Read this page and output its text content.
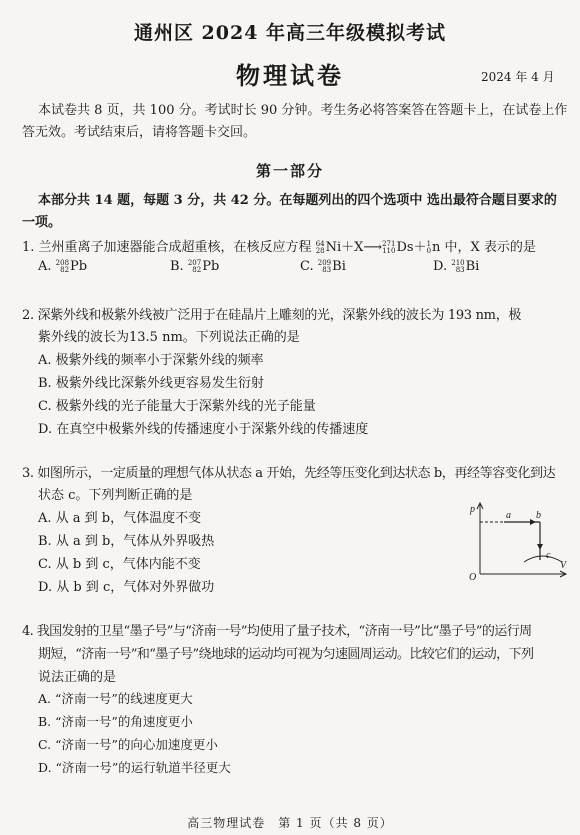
通州区 2024 年高三年级模拟考试
物理试卷	2024 年 4 月
本试卷共 8 页，共 100 分。考试时长 90 分钟。考生务必将答案答在答题卡上，在试卷上作
答无效。考试结束后，请将答题卡交回。
第一部分
本部分共 14 题，每题 3 分，共 42 分。在每题列出的四个选项中 选出最符合题目要求的
一项。
1. 兰州重离子加速器能合成超重核，在核反应方程 64
28Ni＋X⟶271
110Ds＋1
0n 中，X 表示的是
A. 208
82Pb	B. 207
82Pb	C. 209
83Bi	D. 210
83Bi
2. 深紫外线和极紫外线被广泛用于在硅晶片上雕刻的光，深紫外线的波长为 193 nm，极
紫外线的波长为13.5 nm。下列说法正确的是
A. 极紫外线的频率小于深紫外线的频率
B. 极紫外线比深紫外线更容易发生衍射
C. 极紫外线的光子能量大于深紫外线的光子能量
D. 在真空中极紫外线的传播速度小于深紫外线的传播速度
3. 如图所示，一定质量的理想气体从状态 a 开始，先经等压变化到达状态 b，再经等容变化到达
状态 c。下列判断正确的是
A. 从 a 到 b，气体温度不变
B. 从 a 到 b，气体从外界吸热
C. 从 b 到 c，气体内能不变
D. 从 b 到 c，气体对外界做功
p
V
O
a	b
c
4. 我国发射的卫星“墨子号”与“济南一号”均使用了量子技术，“济南一号”比“墨子号”的运行周
期短，“济南一号”和“墨子号”绕地球的运动均可视为匀速圆周运动。比较它们的运动，下列
说法正确的是
A. “济南一号”的线速度更大
B. “济南一号”的角速度更小
C. “济南一号”的向心加速度更小
D. “济南一号”的运行轨道半径更大
高三物理试卷　第 1 页（共 8 页）
